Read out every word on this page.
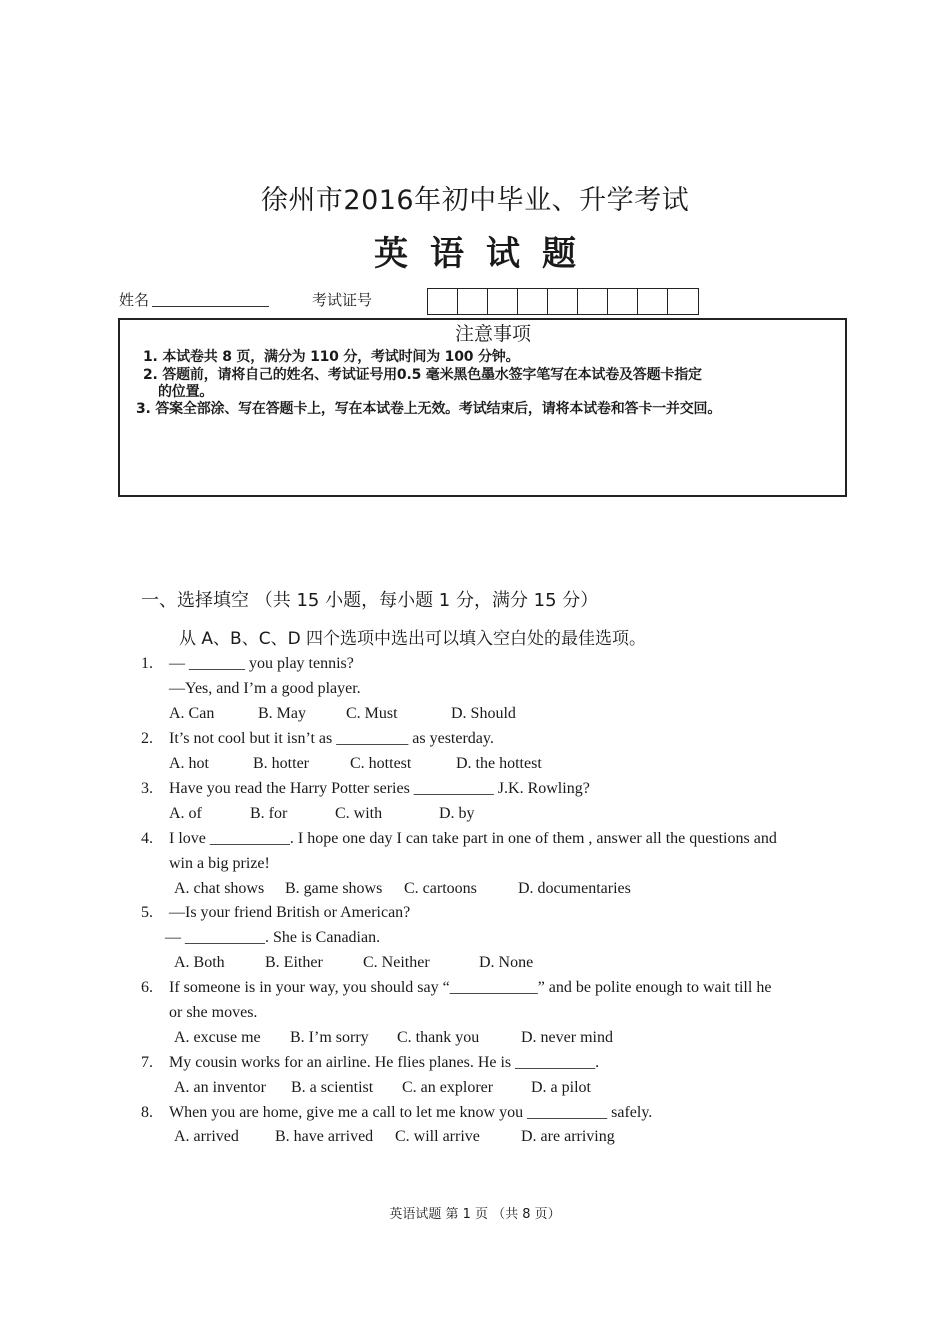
徐州市2016年初中毕业、升学考试
英语试题
姓名	考试证号
注意事项
1. 本试卷共 8 页，满分为 110 分，考试时间为 100 分钟。
2. 答题前，请将自己的姓名、考试证号用0.5 毫米黑色墨水签字笔写在本试卷及答题卡指定
的位置。
3. 答案全部涂、写在答题卡上，写在本试卷上无效。考试结束后，请将本试卷和答卡一并交回。
一、选择填空 （共 15 小题，每小题 1 分，满分 15 分）
从 A、B、C、D 四个选项中选出可以填入空白处的最佳选项。
1. — _______ you play tennis?
—Yes, and I’m a good player.
A. Can	B. May	C. Must	D. Should
2. It’s not cool but it isn’t as _________ as yesterday.
A. hot	B. hotter	C. hottest	D. the hottest
3. Have you read the Harry Potter series __________ J.K. Rowling?
A. of	B. for	C. with	D. by
4. I love __________. I hope one day I can take part in one of them , answer all the questions and
win a big prize!
A. chat shows B. game shows C. cartoons	D. documentaries
5. —Is your friend British or American?
— __________. She is Canadian.
A. Both	B. Either	C. Neither	D. None
6. If someone is in your way, you should say “___________” and be polite enough to wait till he
or she moves.
A. excuse me B. I’m sorry C. thank you	D. never mind
7. My cousin works for an airline. He flies planes. He is __________.
A. an inventor B. a scientist C. an explorer D. a pilot
8. When you are home, give me a call to let me know you __________ safely.
A. arrived B. have arrived C. will arrive	D. are arriving
英语试题 第 1 页 （共 8 页）
